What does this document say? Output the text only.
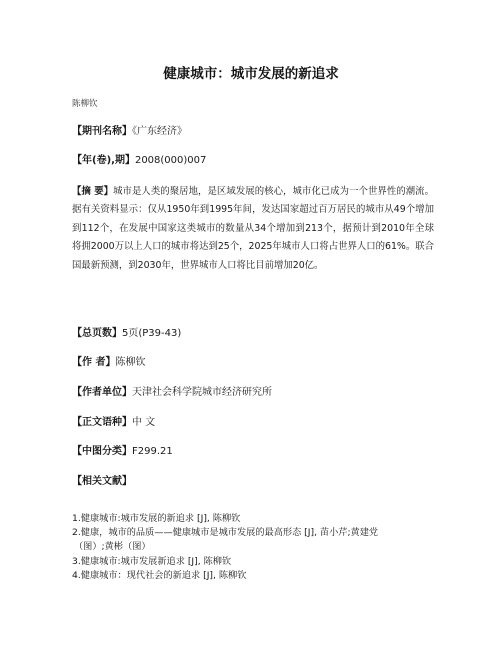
健康城市：城市发展的新追求
陈柳钦
【期刊名称】《广东经济》
【年(卷),期】2008(000)007
【摘 要】城市是人类的聚居地，是区域发展的核心，城市化已成为一个世界性的潮流。据有关资料显示：仅从1950年到1995年间，发达国家超过百万居民的城市从49个增加到112个，在发展中国家这类城市的数量从34个增加到213个，据预计到2010年全球将拥2000万以上人口的城市将达到25个，2025年城市人口将占世界人口的61%。联合国最新预测，到2030年，世界城市人口将比目前增加20亿。
【总页数】5页(P39-43)
【作 者】陈柳钦
【作者单位】天津社会科学院城市经济研究所
【正文语种】中 文
【中图分类】F299.21
【相关文献】
1.健康城市:城市发展的新追求 [J], 陈柳钦
2.健康，城市的品质——健康城市是城市发展的最高形态 [J], 苗小芹;黄建党
（图）;黄彬（图）
3.健康城市:城市发展新追求 [J], 陈柳钦
4.健康城市：现代社会的新追求 [J], 陈柳钦
